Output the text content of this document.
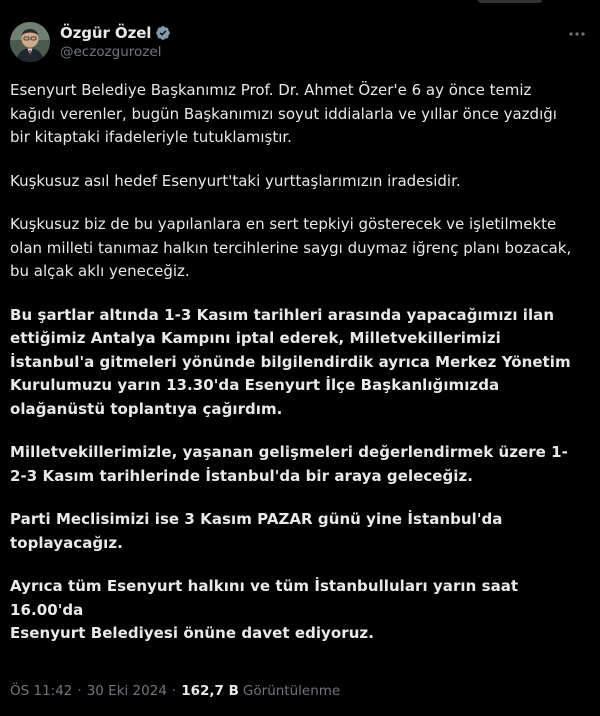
Özgür Özel
@eczozgurozel

Esenyurt Belediye Başkanımız Prof. Dr. Ahmet Özer'e 6 ay önce temiz
kağıdı verenler, bugün Başkanımızı soyut iddialarla ve yıllar önce yazdığı
bir kitaptaki ifadeleriyle tutuklamıştır.

Kuşkusuz asıl hedef Esenyurt'taki yurttaşlarımızın iradesidir.

Kuşkusuz biz de bu yapılanlara en sert tepkiyi gösterecek ve işletilmekte
olan milleti tanımaz halkın tercihlerine saygı duymaz iğrenç planı bozacak,
bu alçak aklı yeneceğiz.

Bu şartlar altında 1-3 Kasım tarihleri arasında yapacağımızı ilan
ettiğimiz Antalya Kampını iptal ederek, Milletvekillerimizi
İstanbul'a gitmeleri yönünde bilgilendirdik ayrıca Merkez Yönetim
Kurulumuzu yarın 13.30'da Esenyurt İlçe Başkanlığımızda
olağanüstü toplantıya çağırdım.

Milletvekillerimizle, yaşanan gelişmeleri değerlendirmek üzere 1-
2-3 Kasım tarihlerinde İstanbul'da bir araya geleceğiz.

Parti Meclisimizi ise 3 Kasım PAZAR günü yine İstanbul'da
toplayacağız.

Ayrıca tüm Esenyurt halkını ve tüm İstanbulluları yarın saat 16.00'da
Esenyurt Belediyesi önüne davet ediyoruz.

ÖS 11:42 · 30 Eki 2024 · 162,7 B Görüntülenme
